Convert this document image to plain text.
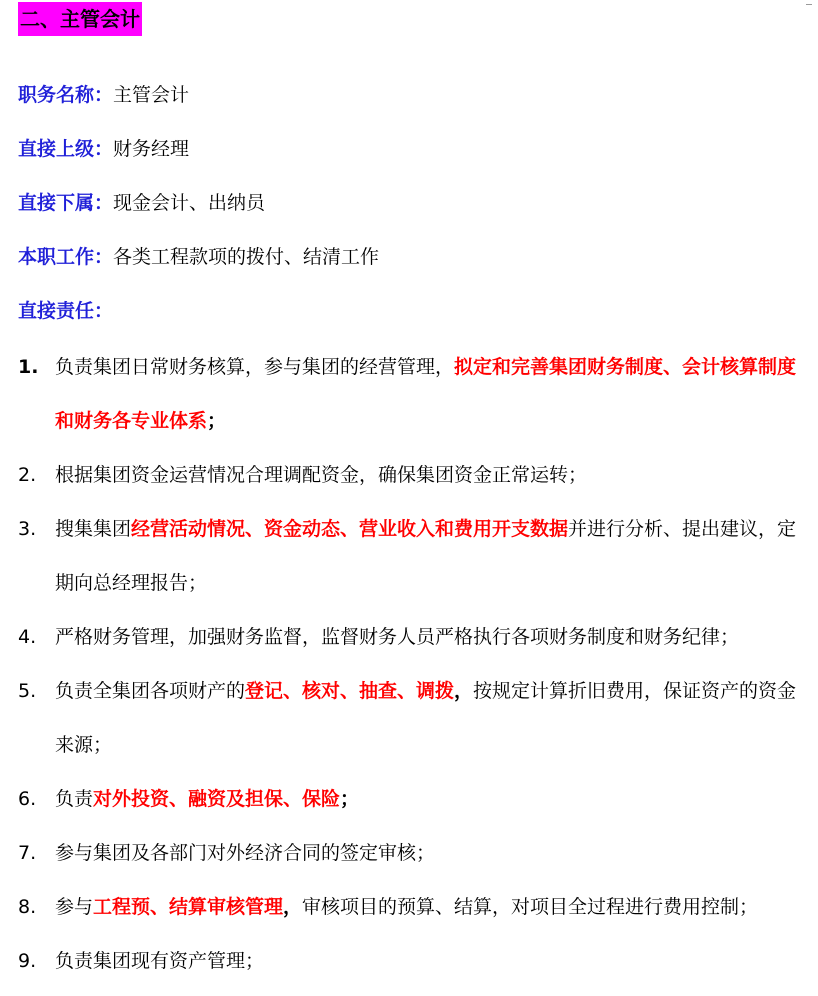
二、主管会计
职务名称：主管会计
直接上级：财务经理
直接下属：现金会计、出纳员
本职工作：各类工程款项的拨付、结清工作
直接责任：
1. 负责集团日常财务核算，参与集团的经营管理，拟定和完善集团财务制度、会计核算制度和财务各专业体系；
2. 根据集团资金运营情况合理调配资金，确保集团资金正常运转；
3. 搜集集团经营活动情况、资金动态、营业收入和费用开支数据并进行分析、提出建议，定期向总经理报告；
4. 严格财务管理，加强财务监督，监督财务人员严格执行各项财务制度和财务纪律；
5. 负责全集团各项财产的登记、核对、抽查、调拨，按规定计算折旧费用，保证资产的资金来源；
6. 负责对外投资、融资及担保、保险；
7. 参与集团及各部门对外经济合同的签定审核；
8. 参与工程预、结算审核管理，审核项目的预算、结算，对项目全过程进行费用控制；
9. 负责集团现有资产管理；
